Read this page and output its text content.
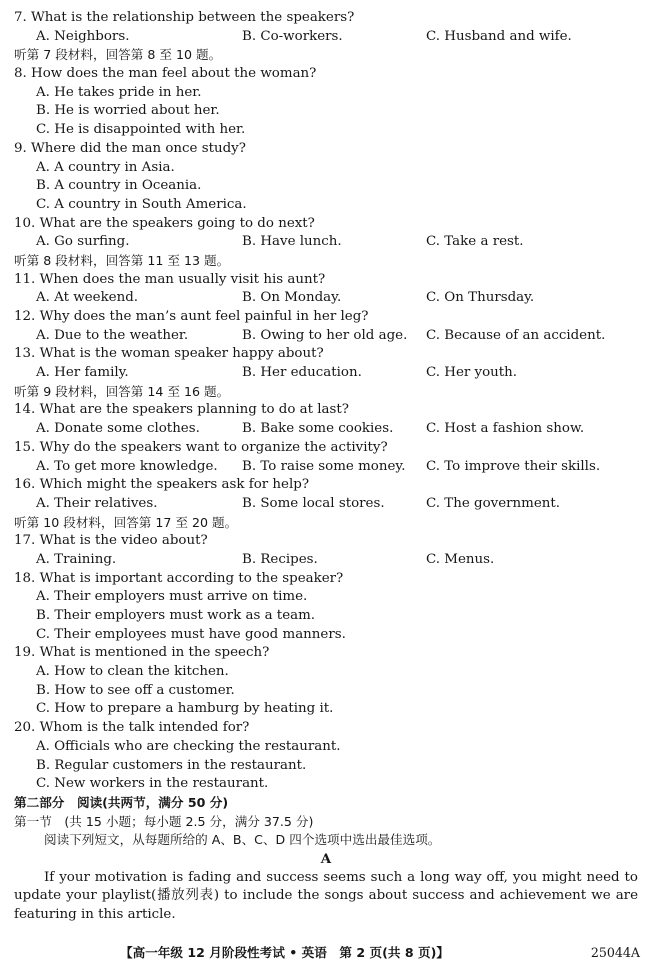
7. What is the relationship between the speakers?
A. Neighbors.	B. Co-workers.	C. Husband and wife.
听第 7 段材料，回答第 8 至 10 题。
8. How does the man feel about the woman?
A. He takes pride in her.
B. He is worried about her.
C. He is disappointed with her.
9. Where did the man once study?
A. A country in Asia.
B. A country in Oceania.
C. A country in South America.
10. What are the speakers going to do next?
A. Go surfing.	B. Have lunch.	C. Take a rest.
听第 8 段材料，回答第 11 至 13 题。
11. When does the man usually visit his aunt?
A. At weekend.	B. On Monday.	C. On Thursday.
12. Why does the man’s aunt feel painful in her leg?
A. Due to the weather.	B. Owing to her old age. C. Because of an accident.
13. What is the woman speaker happy about?
A. Her family.	B. Her education.	C. Her youth.
听第 9 段材料，回答第 14 至 16 题。
14. What are the speakers planning to do at last?
A. Donate some clothes.	B. Bake some cookies. C. Host a fashion show.
15. Why do the speakers want to organize the activity?
A. To get more knowledge. B. To raise some money. C. To improve their skills.
16. Which might the speakers ask for help?
A. Their relatives.	B. Some local stores.	C. The government.
听第 10 段材料，回答第 17 至 20 题。
17. What is the video about?
A. Training.	B. Recipes.	C. Menus.
18. What is important according to the speaker?
A. Their employers must arrive on time.
B. Their employers must work as a team.
C. Their employees must have good manners.
19. What is mentioned in the speech?
A. How to clean the kitchen.
B. How to see off a customer.
C. How to prepare a hamburg by heating it.
20. Whom is the talk intended for?
A. Officials who are checking the restaurant.
B. Regular customers in the restaurant.
C. New workers in the restaurant.
第二部分　阅读(共两节，满分 50 分)
第一节　(共 15 小题；每小题 2.5 分，满分 37.5 分)
阅读下列短文，从每题所给的 A、B、C、D 四个选项中选出最佳选项。
A
If your motivation is fading and success seems such a long way off, you might need to update your playlist(播放列表) to include the songs about success and achievement we are featuring in this article.
【高一年级 12 月阶段性考试 • 英语　第 2 页(共 8 页)】	25044A
